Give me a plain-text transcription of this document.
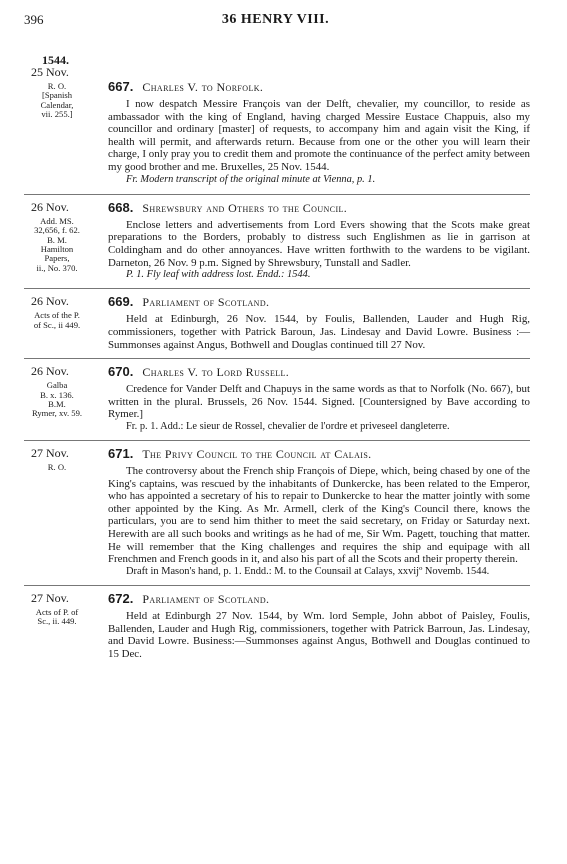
396	36 HENRY VIII.
1544.
25 Nov.
R. O.
[Spanish
Calendar,
vii. 255.]
667. Charles V. to Norfolk.
I now despatch Messire François van der Delft, chevalier, my councillor, to reside as ambassador with the king of England, having charged Messire Eustace Chappuis, also my councillor and ordinary [master] of requests, to accompany him and again visit the King, if health will permit, and afterwards return. Because from one or the other you will learn their charge, I only pray you to credit them and promote the continuance of the perfect amity between my good brother and me. Bruxelles, 25 Nov. 1544.
Fr. Modern transcript of the original minute at Vienna, p. 1.
26 Nov.
Add. MS.
32,656, f. 62.
B. M.
Hamilton
Papers,
ii., No. 370.
668. Shrewsbury and Others to the Council.
Enclose letters and advertisements from Lord Evers showing that the Scots make great preparations to the Borders, probably to distress such Englishmen as lie in garrison at Coldingham and do other annoyances. Have written forthwith to the wardens to be vigilant. Darneton, 26 Nov. 9 p.m. Signed by Shrewsbury, Tunstall and Sadler.
P. 1. Fly leaf with address lost. Endd.: 1544.
26 Nov.
Acts of the P.
of Sc., ii 449.
669. Parliament of Scotland.
Held at Edinburgh, 26 Nov. 1544, by Foulis, Ballenden, Lauder and Hugh Rig, commissioners, together with Patrick Baroun, Jas. Lindesay and David Lowre. Business :—Summonses against Angus, Bothwell and Douglas continued till 27 Nov.
26 Nov.
Galba
B. x. 136.
B.M.
Rymer, xv. 59.
670. Charles V. to Lord Russell.
Credence for Vander Delft and Chapuys in the same words as that to Norfolk (No. 667), but written in the plural. Brussels, 26 Nov. 1544. Signed. [Countersigned by Bave according to Rymer.]
Fr. p. 1. Add.: Le sieur de Rossel, chevalier de l'ordre et priveseel dangleterre.
27 Nov.
R. O.
671. The Privy Council to the Council at Calais.
The controversy about the French ship François of Diepe, which, being chased by one of the King's captains, was rescued by the inhabitants of Dunkercke, has been related to the Emperor, who has appointed a secretary of his to repair to Dunkercke to hear the matter jointly with some other appointed by the King. As Mr. Armell, clerk of the King's Council there, knows the particulars, you are to send him thither to meet the said secretary, on Friday or Saturday next. Herewith are all such books and writings as he had of me, Sir Wm. Pagett, touching that matter. He will remember that the King challenges and requires the ship and equipage with all Frenchmen and French goods in it, and also his part of all the Scots and their property therein.
Draft in Mason's hand, p. 1. Endd.: M. to the Counsail at Calays, xxvijº Novemb. 1544.
27 Nov.
Acts of P. of
Sc., ii. 449.
672. Parliament of Scotland.
Held at Edinburgh 27 Nov. 1544, by Wm. lord Semple, John abbot of Paisley, Foulis, Ballenden, Lauder and Hugh Rig, commissioners, together with Patrick Barroun, Jas. Lindesay, and David Lowre. Business:—Summonses against Angus, Bothwell and Douglas continued to 15 Dec.
